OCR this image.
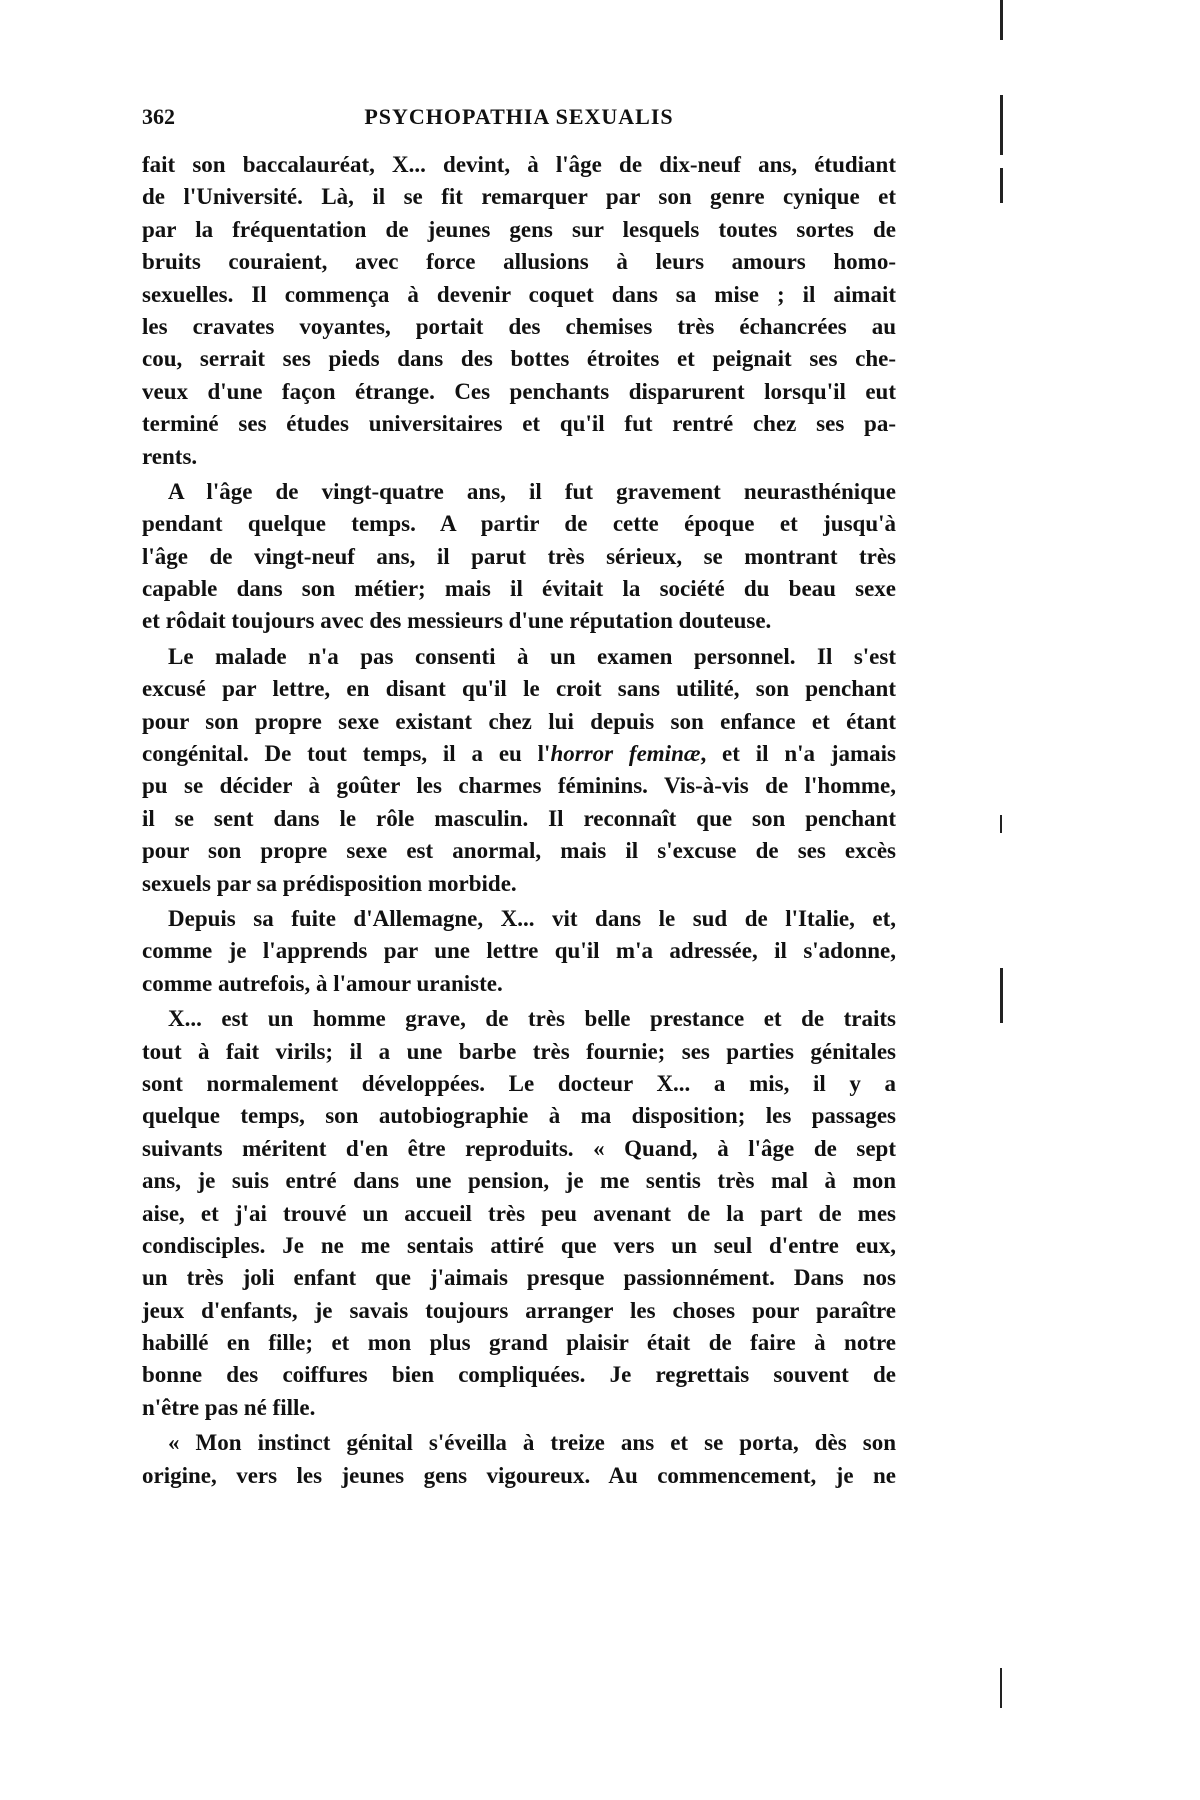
362	PSYCHOPATHIA SEXUALIS
fait son baccalauréat, X... devint, à l'âge de dix-neuf ans, étudiant
de l'Université. Là, il se fit remarquer par son genre cynique et
par la fréquentation de jeunes gens sur lesquels toutes sortes de
bruits couraient, avec force allusions à leurs amours homo-
sexuelles. Il commença à devenir coquet dans sa mise ; il aimait
les cravates voyantes, portait des chemises très échancrées au
cou, serrait ses pieds dans des bottes étroites et peignait ses che-
veux d'une façon étrange. Ces penchants disparurent lorsqu'il eut
terminé ses études universitaires et qu'il fut rentré chez ses pa-
rents.
A l'âge de vingt-quatre ans, il fut gravement neurasthénique
pendant quelque temps. A partir de cette époque et jusqu'à
l'âge de vingt-neuf ans, il parut très sérieux, se montrant très
capable dans son métier; mais il évitait la société du beau sexe
et rôdait toujours avec des messieurs d'une réputation douteuse.
Le malade n'a pas consenti à un examen personnel. Il s'est
excusé par lettre, en disant qu'il le croit sans utilité, son penchant
pour son propre sexe existant chez lui depuis son enfance et étant
congénital. De tout temps, il a eu l'horror feminæ, et il n'a jamais
pu se décider à goûter les charmes féminins. Vis-à-vis de l'homme,
il se sent dans le rôle masculin. Il reconnaît que son penchant
pour son propre sexe est anormal, mais il s'excuse de ses excès
sexuels par sa prédisposition morbide.
Depuis sa fuite d'Allemagne, X... vit dans le sud de l'Italie, et,
comme je l'apprends par une lettre qu'il m'a adressée, il s'adonne,
comme autrefois, à l'amour uraniste.
X... est un homme grave, de très belle prestance et de traits
tout à fait virils; il a une barbe très fournie; ses parties génitales
sont normalement développées. Le docteur X... a mis, il y a
quelque temps, son autobiographie à ma disposition; les passages
suivants méritent d'en être reproduits. « Quand, à l'âge de sept
ans, je suis entré dans une pension, je me sentis très mal à mon
aise, et j'ai trouvé un accueil très peu avenant de la part de mes
condisciples. Je ne me sentais attiré que vers un seul d'entre eux,
un très joli enfant que j'aimais presque passionnément. Dans nos
jeux d'enfants, je savais toujours arranger les choses pour paraître
habillé en fille; et mon plus grand plaisir était de faire à notre
bonne des coiffures bien compliquées. Je regrettais souvent de
n'être pas né fille.
« Mon instinct génital s'éveilla à treize ans et se porta, dès son
origine, vers les jeunes gens vigoureux. Au commencement, je ne
